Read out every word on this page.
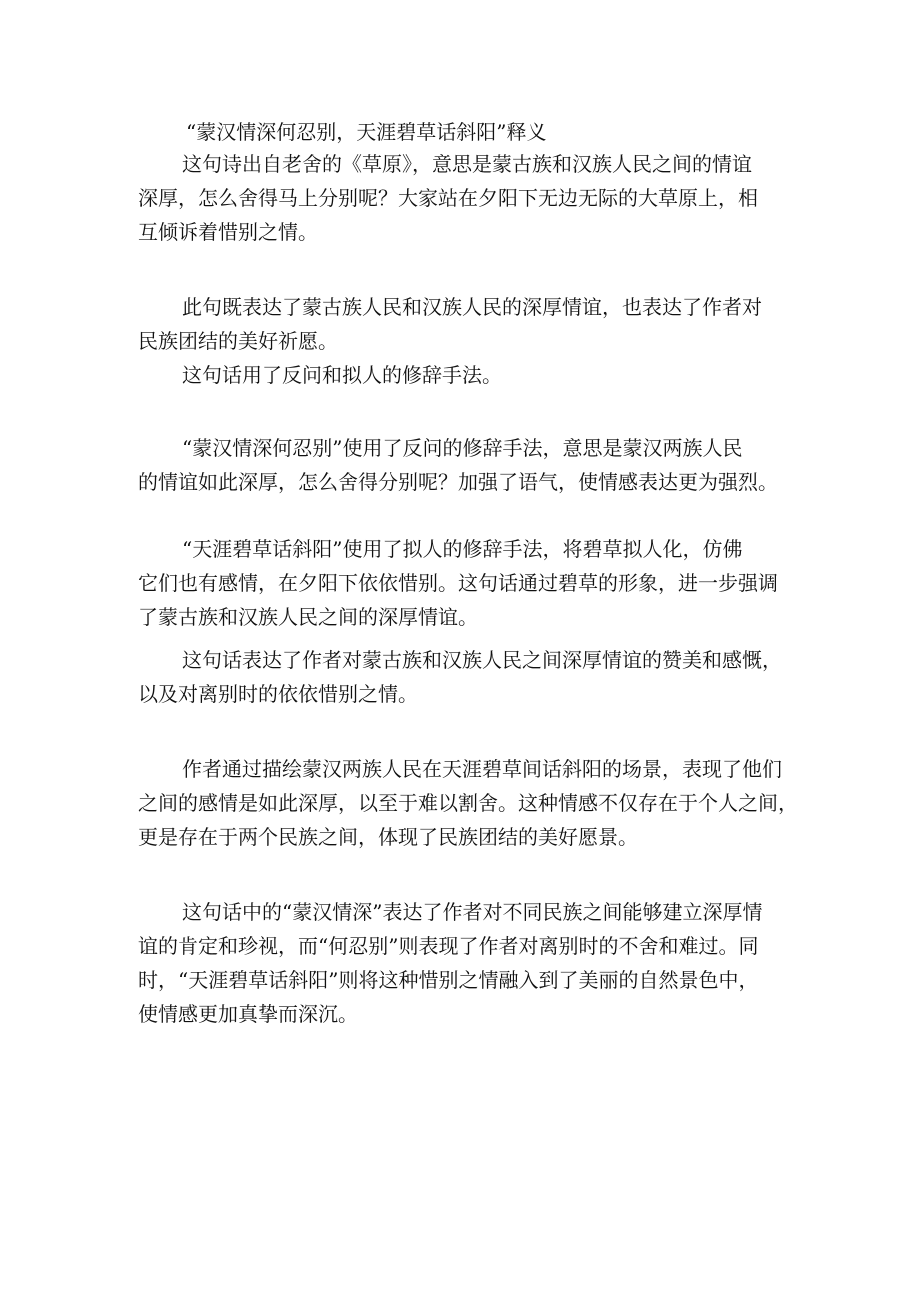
“蒙汉情深何忍别，天涯碧草话斜阳”释义

这句诗出自老舍的《草原》，意思是蒙古族和汉族人民之间的情谊
深厚，怎么舍得马上分别呢？大家站在夕阳下无边无际的大草原上，相
互倾诉着惜别之情。

此句既表达了蒙古族人民和汉族人民的深厚情谊，也表达了作者对
民族团结的美好祈愿。

这句话用了反问和拟人的修辞手法。

“蒙汉情深何忍别”使用了反问的修辞手法，意思是蒙汉两族人民
的情谊如此深厚，怎么舍得分别呢？加强了语气，使情感表达更为强烈。

“天涯碧草话斜阳”使用了拟人的修辞手法，将碧草拟人化，仿佛
它们也有感情，在夕阳下依依惜别。这句话通过碧草的形象，进一步强调
了蒙古族和汉族人民之间的深厚情谊。

这句话表达了作者对蒙古族和汉族人民之间深厚情谊的赞美和感慨，
以及对离别时的依依惜别之情。

作者通过描绘蒙汉两族人民在天涯碧草间话斜阳的场景，表现了他们
之间的感情是如此深厚，以至于难以割舍。这种情感不仅存在于个人之间，
更是存在于两个民族之间，体现了民族团结的美好愿景。

这句话中的“蒙汉情深”表达了作者对不同民族之间能够建立深厚情
谊的肯定和珍视，而“何忍别”则表现了作者对离别时的不舍和难过。同
时，“天涯碧草话斜阳”则将这种惜别之情融入到了美丽的自然景色中，
使情感更加真挚而深沉。
